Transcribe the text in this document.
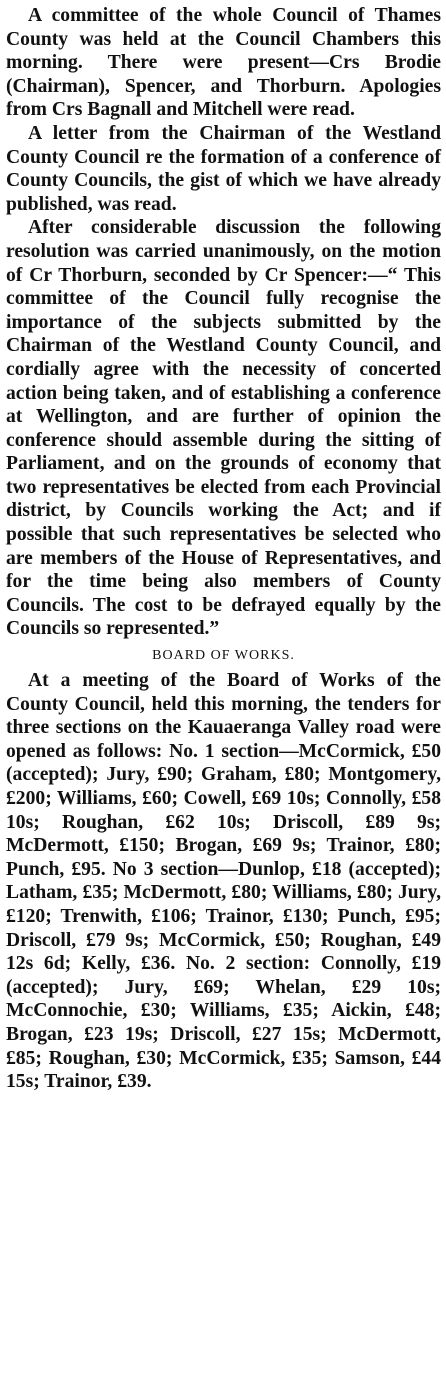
A committee of the whole Council of Thames County was held at the Council Chambers this morning. There were present—Crs Brodie (Chairman), Spencer, and Thorburn. Apologies from Crs Bagnall and Mitchell were read.

A letter from the Chairman of the Westland County Council re the formation of a conference of County Councils, the gist of which we have already published, was read.

After considerable discussion the following resolution was carried unanimously, on the motion of Cr Thorburn, seconded by Cr Spencer:—“ This committee of the Council fully recognise the importance of the subjects submitted by the Chairman of the Westland County Council, and cordially agree with the necessity of concerted action being taken, and of establishing a conference at Wellington, and are further of opinion the conference should assemble during the sitting of Parliament, and on the grounds of economy that two representatives be elected from each Provincial district, by Councils working the Act; and if possible that such representatives be selected who are members of the House of Representatives, and for the time being also members of County Councils. The cost to be defrayed equally by the Councils so represented.”

BOARD OF WORKS.

At a meeting of the Board of Works of the County Council, held this morning, the tenders for three sections on the Kauaeranga Valley road were opened as follows: No. 1 section—McCormick, £50 (accepted); Jury, £90; Graham, £80; Montgomery, £200; Williams, £60; Cowell, £69 10s; Connolly, £58 10s; Roughan, £62 10s; Driscoll, £89 9s; McDermott, £150; Brogan, £69 9s; Trainor, £80; Punch, £95. No 3 section—Dunlop, £18 (accepted); Latham, £35; McDermott, £80; Williams, £80; Jury, £120; Trenwith, £106; Trainor, £130; Punch, £95; Driscoll, £79 9s; McCormick, £50; Roughan, £49 12s 6d; Kelly, £36. No. 2 section: Connolly, £19 (accepted); Jury, £69; Whelan, £29 10s; McConnochie, £30; Williams, £35; Aickin, £48; Brogan, £23 19s; Driscoll, £27 15s; McDermott, £85; Roughan, £30; McCormick, £35; Samson, £44 15s; Trainor, £39.
